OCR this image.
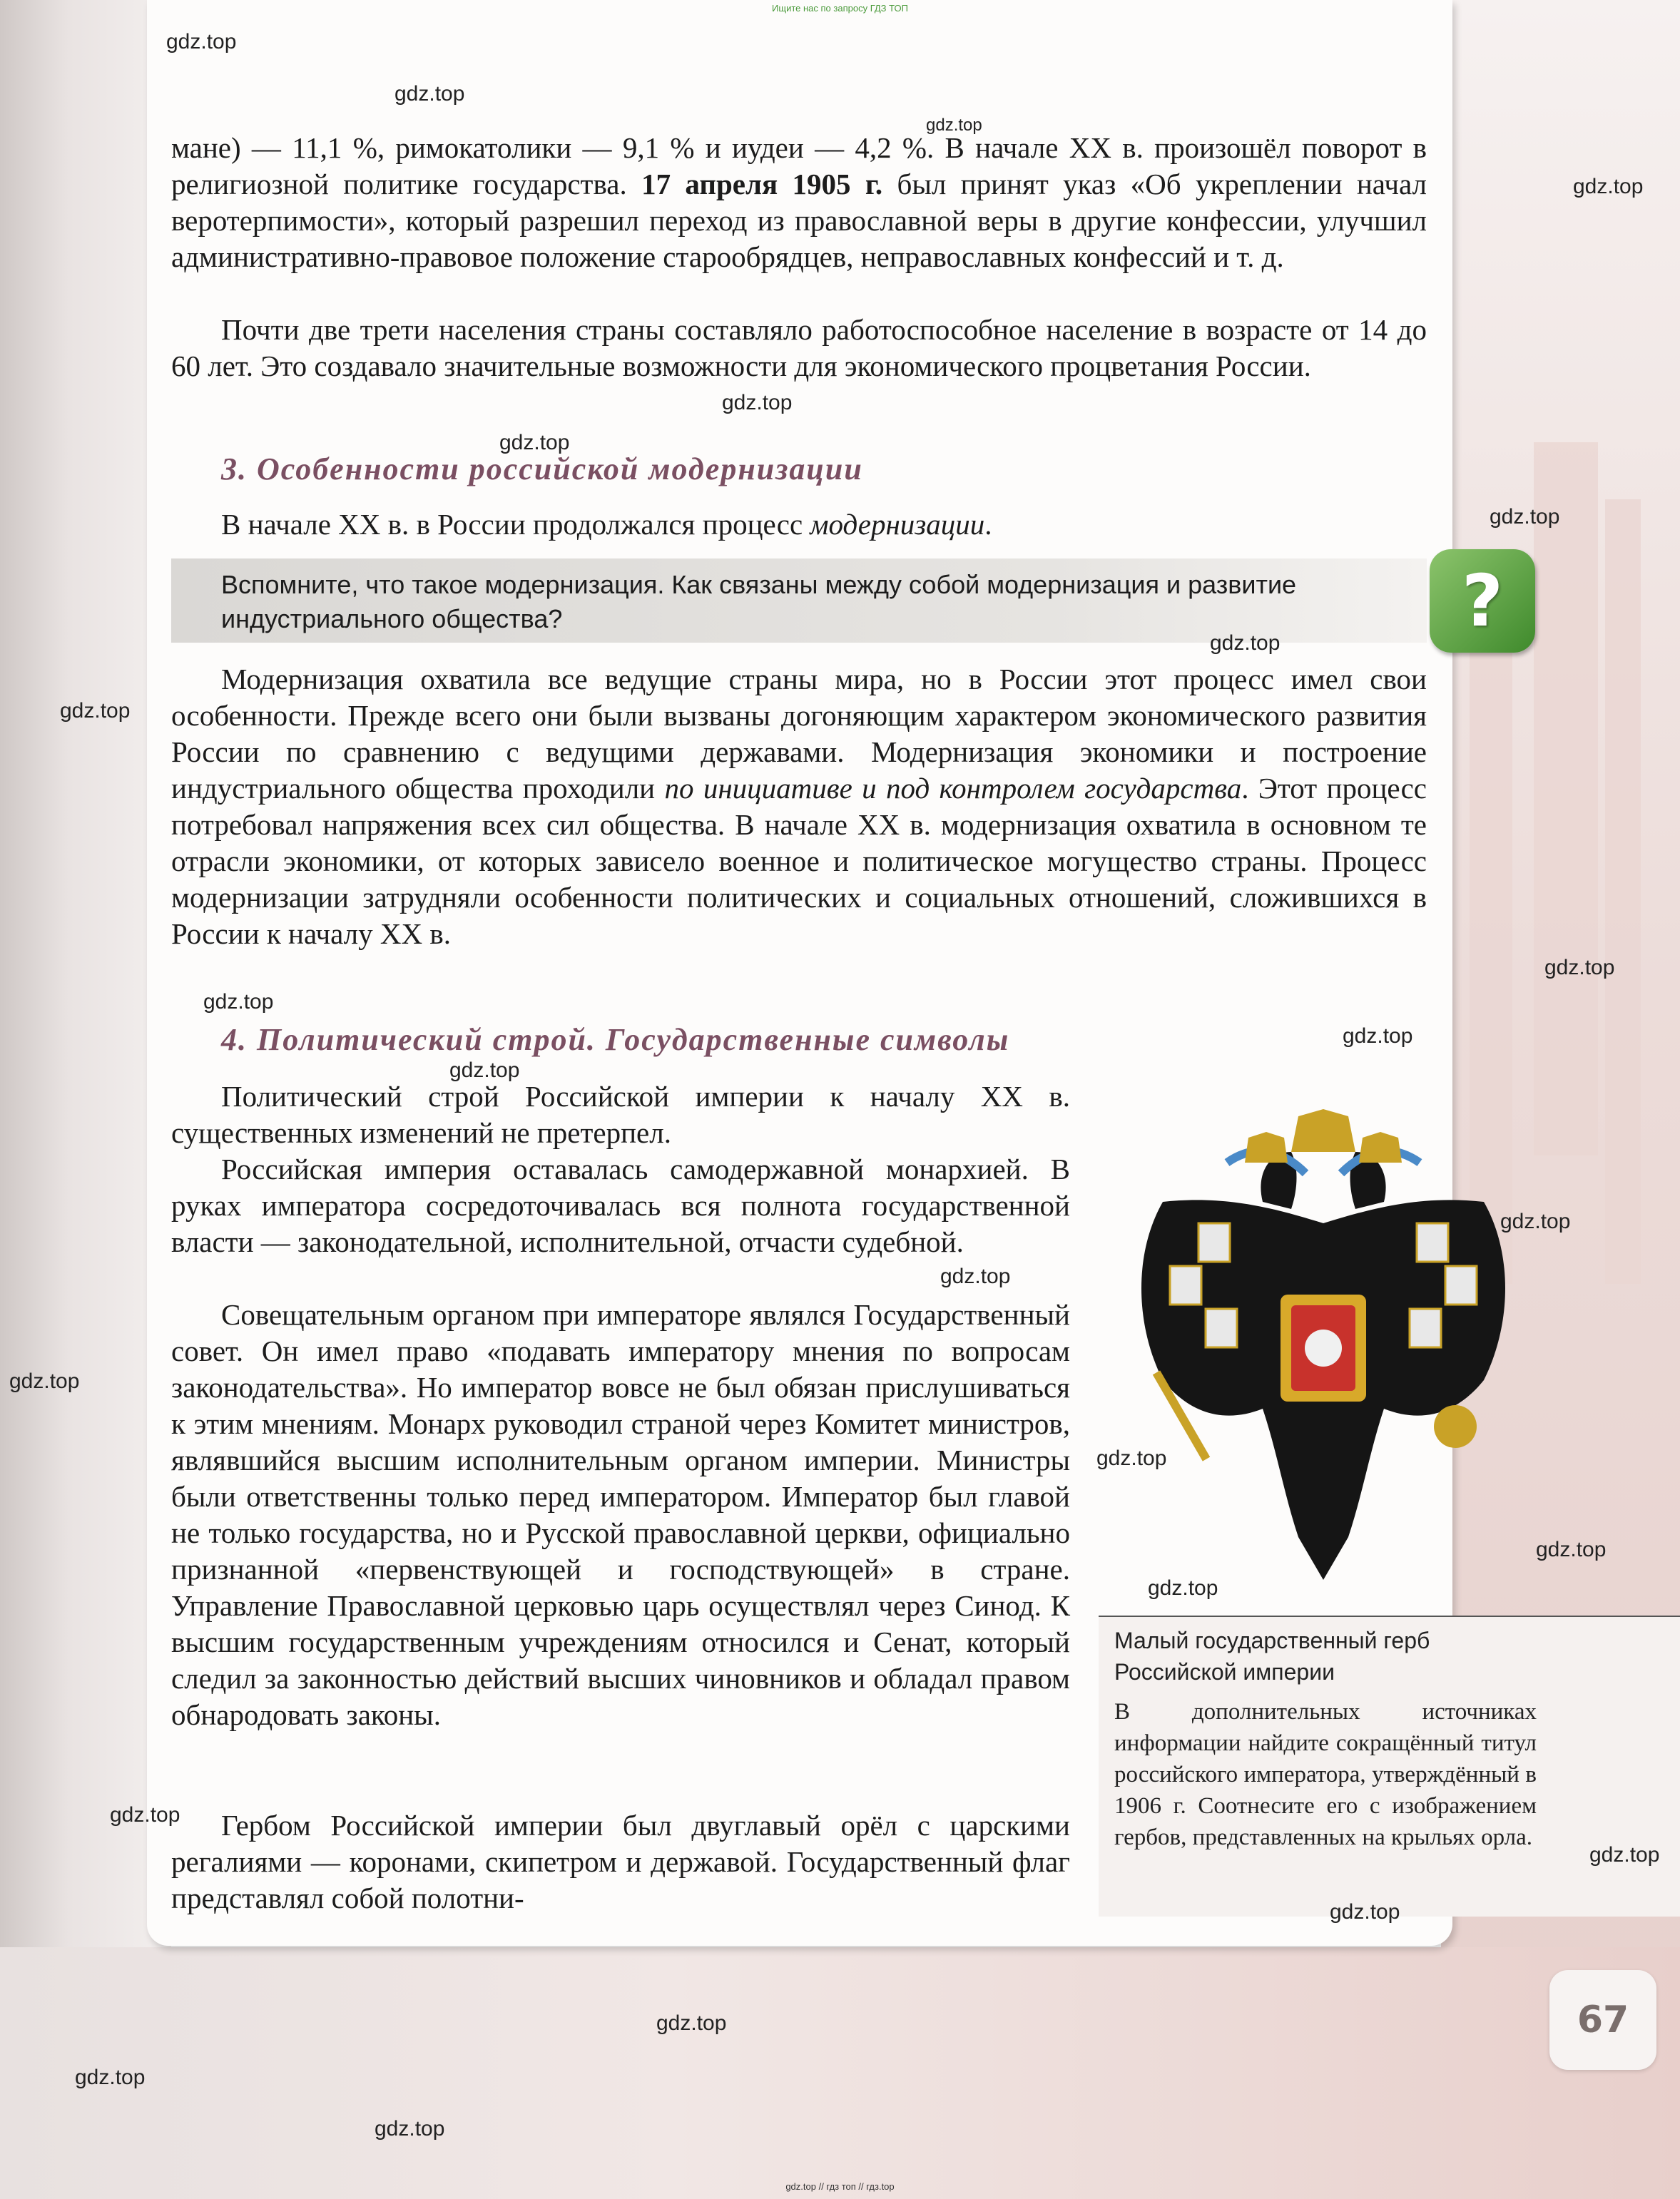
Ищите нас по запросу ГДЗ ТОП

мане) — 11,1 %, римокатолики — 9,1 % и иудеи — 4,2 %. В начале XX в. произошёл поворот в религиозной политике государства. 17 апреля 1905 г. был принят указ «Об укреплении начал веротерпимости», который разрешил переход из православной веры в другие конфессии, улучшил административно-правовое положение старообрядцев, неправославных конфессий и т. д.

Почти две трети населения страны составляло работоспособное население в возрасте от 14 до 60 лет. Это создавало значительные возможности для экономического процветания России.

3. Особенности российской модернизации

В начале XX в. в России продолжался процесс модернизации.

Вспомните, что такое модернизация. Как связаны между собой модернизация и развитие индустриального общества?	?

Модернизация охватила все ведущие страны мира, но в России этот процесс имел свои особенности. Прежде всего они были вызваны догоняющим характером экономического развития России по сравнению с ведущими державами. Модернизация экономики и построение индустриального общества проходили по инициативе и под контролем государства. Этот процесс потребовал напряжения всех сил общества. В начале XX в. модернизация охватила в основном те отрасли экономики, от которых зависело военное и политическое могущество страны. Процесс модернизации затрудняли особенности политических и социальных отношений, сложившихся в России к началу XX в.

4. Политический строй. Государственные символы

Политический строй Российской империи к началу XX в. существенных изменений не претерпел.

Российская империя оставалась самодержавной монархией. В руках императора сосредоточивалась вся полнота государственной власти — законодательной, исполнительной, отчасти судебной.

Совещательным органом при императоре являлся Государственный совет. Он имел право «подавать императору мнения по вопросам законодательства». Но император вовсе не был обязан прислушиваться к этим мнениям. Монарх руководил страной через Комитет министров, являвшийся высшим исполнительным органом империи. Министры были ответственны только перед императором. Император был главой не только государства, но и Русской православной церкви, официально признанной «первенствующей и господствующей» в стране. Управление Православной церковью царь осуществлял через Синод. К высшим государственным учреждениям относился и Сенат, который следил за законностью действий высших чиновников и обладал правом обнародовать законы.

Гербом Российской империи был двуглавый орёл с царскими регалиями — коронами, скипетром и державой. Государственный флаг представлял собой полотни-

Малый государственный герб Российской империи

В дополнительных источниках информации найдите сокращённый титул российского императора, утверждённый в 1906 г. Соотнесите его с изображением гербов, представленных на крыльях орла.

67
gdz.top
gdz.top
gdz.top
gdz.top
gdz.top
gdz.top
gdz.top
gdz.top
gdz.top
gdz.top
gdz.top
gdz.top
gdz.top
gdz.top
gdz.top
gdz.top
gdz.top
gdz.top
gdz.top
gdz.top
gdz.top
gdz.top
gdz.top
gdz.top
gdz.top
gdz.top // гдз топ // гдз.top
